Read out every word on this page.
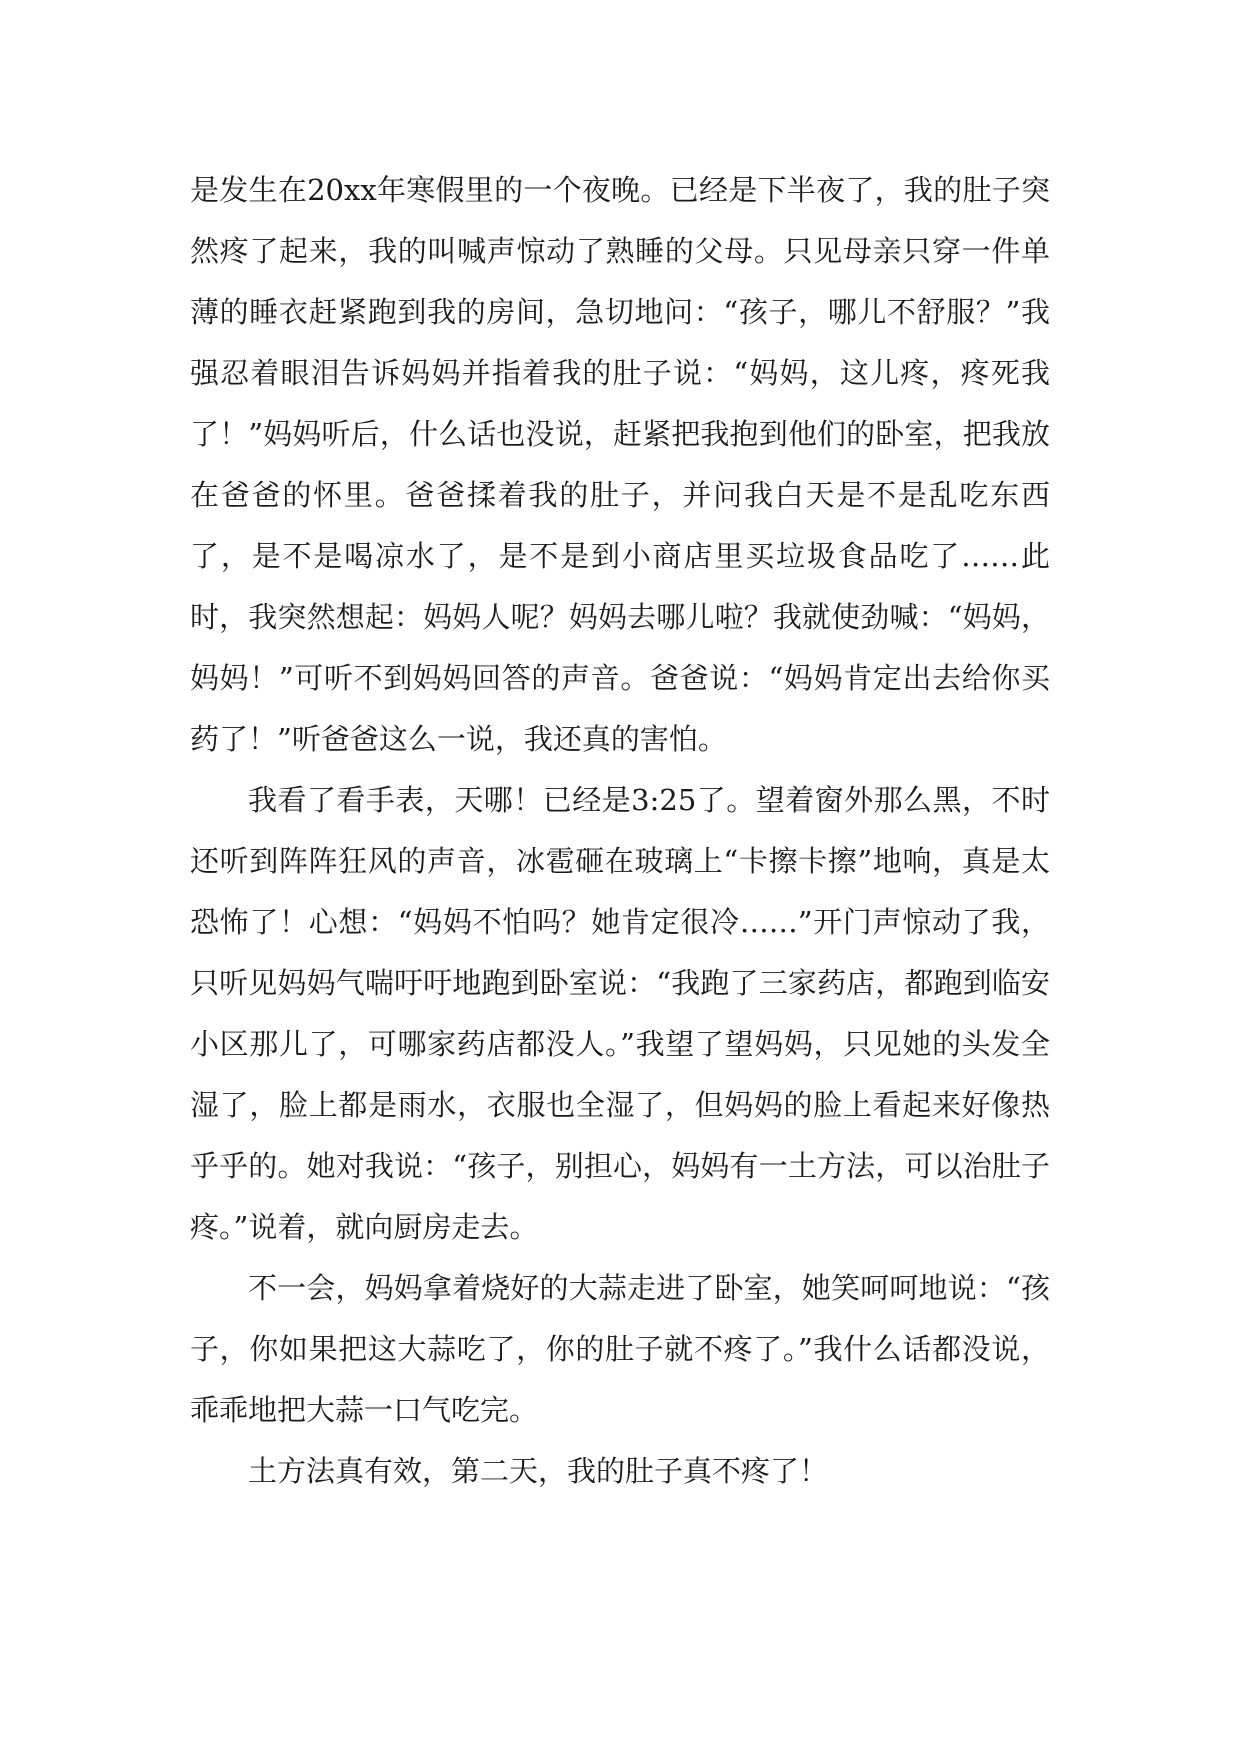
是发生在20xx年寒假里的一个夜晚。已经是下半夜了，我的肚子突然疼了起来，我的叫喊声惊动了熟睡的父母。只见母亲只穿一件单薄的睡衣赶紧跑到我的房间，急切地问：“孩子，哪儿不舒服？”我强忍着眼泪告诉妈妈并指着我的肚子说：“妈妈，这儿疼，疼死我了！”妈妈听后，什么话也没说，赶紧把我抱到他们的卧室，把我放在爸爸的怀里。爸爸揉着我的肚子，并问我白天是不是乱吃东西了，是不是喝凉水了，是不是到小商店里买垃圾食品吃了……此时，我突然想起：妈妈人呢？妈妈去哪儿啦？我就使劲喊：“妈妈，妈妈！”可听不到妈妈回答的声音。爸爸说：“妈妈肯定出去给你买药了！”听爸爸这么一说，我还真的害怕。

我看了看手表，天哪！已经是3:25了。望着窗外那么黑，不时还听到阵阵狂风的声音，冰雹砸在玻璃上“卡擦卡擦”地响，真是太恐怖了！心想：“妈妈不怕吗？她肯定很冷……”开门声惊动了我，只听见妈妈气喘吁吁地跑到卧室说：“我跑了三家药店，都跑到临安小区那儿了，可哪家药店都没人。”我望了望妈妈，只见她的头发全湿了，脸上都是雨水，衣服也全湿了，但妈妈的脸上看起来好像热乎乎的。她对我说：“孩子，别担心，妈妈有一土方法，可以治肚子疼。”说着，就向厨房走去。

不一会，妈妈拿着烧好的大蒜走进了卧室，她笑呵呵地说：“孩子，你如果把这大蒜吃了，你的肚子就不疼了。”我什么话都没说，乖乖地把大蒜一口气吃完。

土方法真有效，第二天，我的肚子真不疼了！
